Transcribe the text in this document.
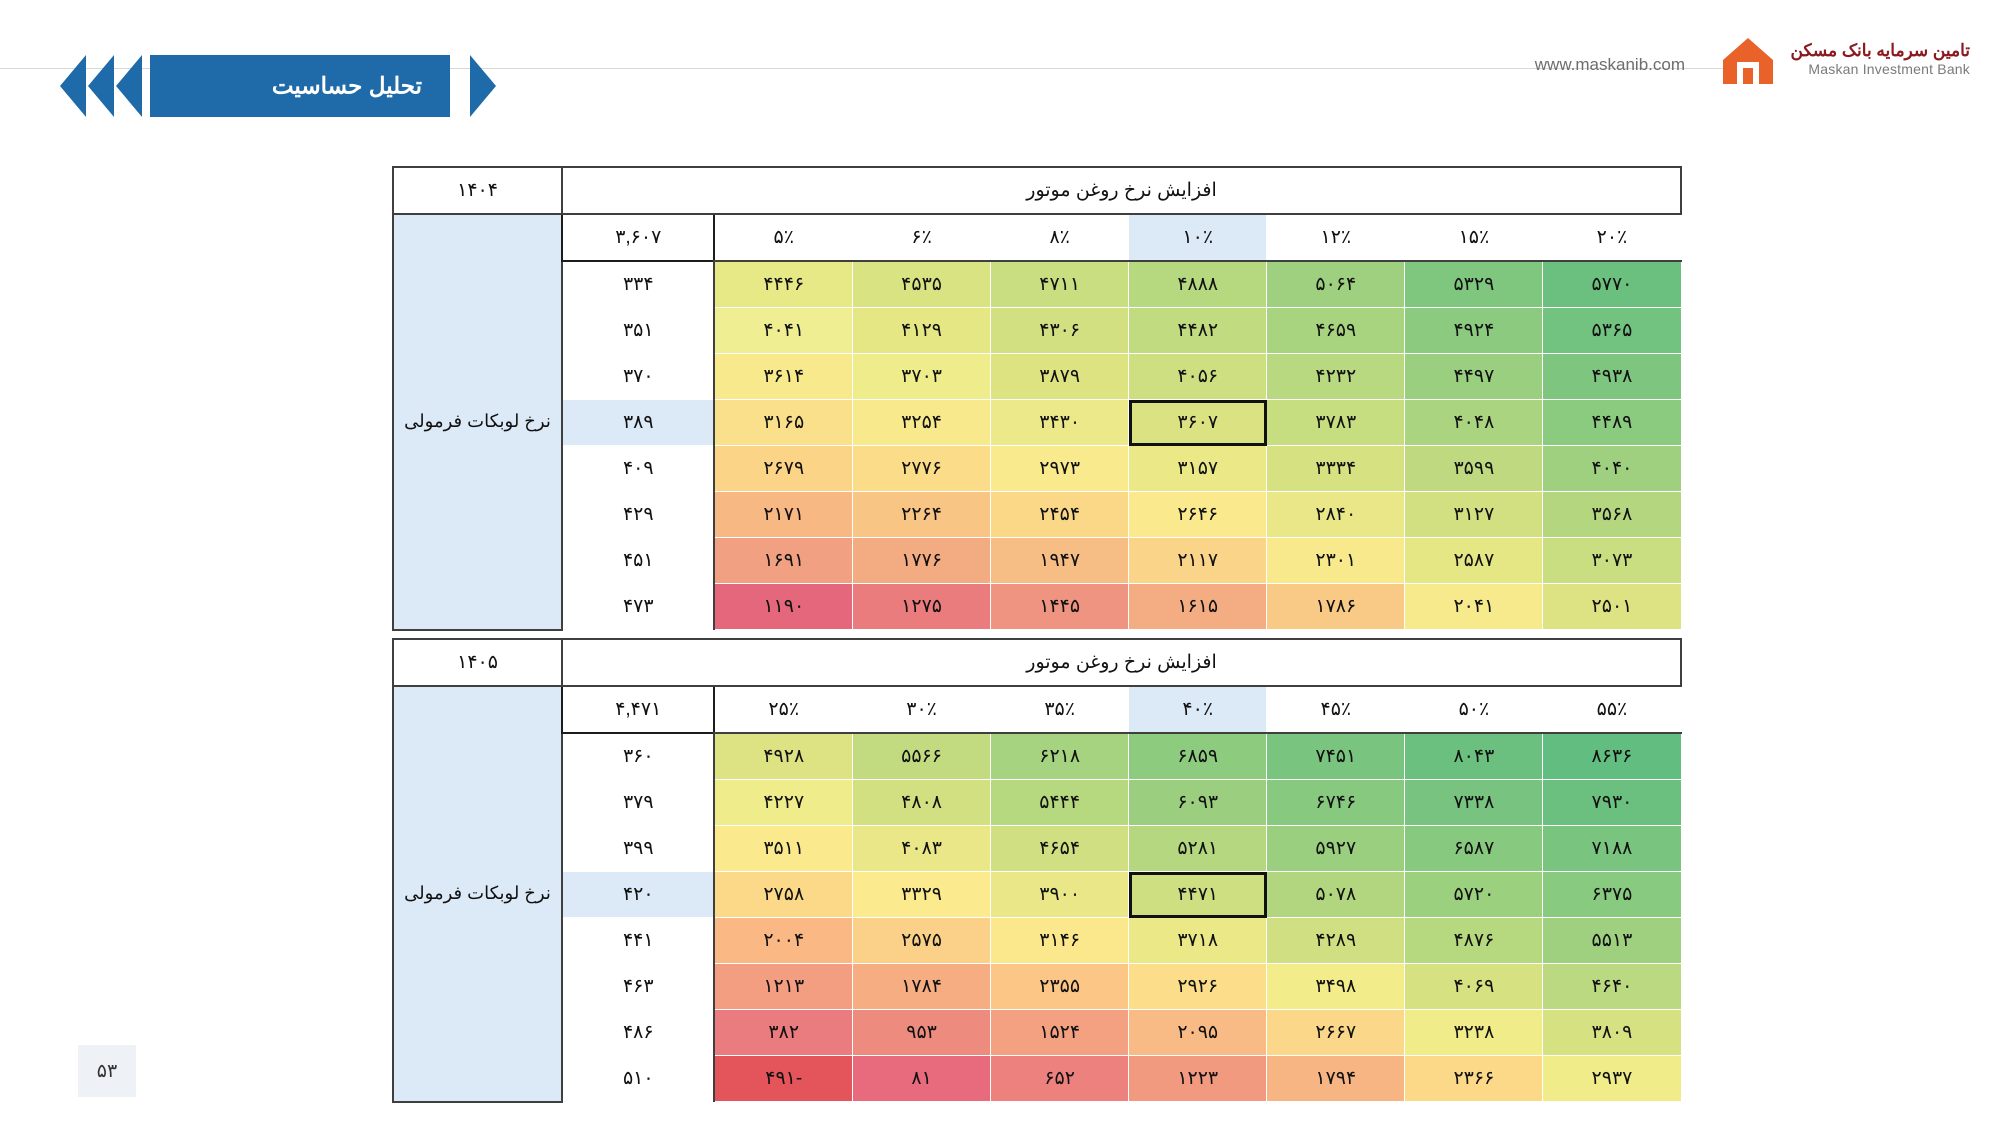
تامین سرمایه بانک مسکن
Maskan Investment Bank
www.maskanib.com
تحلیل حساسیت
افزایش نرخ روغن موتور								۱۴۰۴
۲۰٪	۱۵٪	۱۲٪	۱۰٪	۸٪	۶٪	۵٪	۳,۶۰۷	نرخ لوبکات فرمولی
۵۷۷۰	۵۳۲۹	۵۰۶۴	۴۸۸۸	۴۷۱۱	۴۵۳۵	۴۴۴۶	۳۳۴	
۵۳۶۵	۴۹۲۴	۴۶۵۹	۴۴۸۲	۴۳۰۶	۴۱۲۹	۴۰۴۱	۳۵۱	
۴۹۳۸	۴۴۹۷	۴۲۳۲	۴۰۵۶	۳۸۷۹	۳۷۰۳	۳۶۱۴	۳۷۰	
۴۴۸۹	۴۰۴۸	۳۷۸۳	۳۶۰۷	۳۴۳۰	۳۲۵۴	۳۱۶۵	۳۸۹	
۴۰۴۰	۳۵۹۹	۳۳۳۴	۳۱۵۷	۲۹۷۳	۲۷۷۶	۲۶۷۹	۴۰۹	
۳۵۶۸	۳۱۲۷	۲۸۴۰	۲۶۴۶	۲۴۵۴	۲۲۶۴	۲۱۷۱	۴۲۹	
۳۰۷۳	۲۵۸۷	۲۳۰۱	۲۱۱۷	۱۹۴۷	۱۷۷۶	۱۶۹۱	۴۵۱	
۲۵۰۱	۲۰۴۱	۱۷۸۶	۱۶۱۵	۱۴۴۵	۱۲۷۵	۱۱۹۰	۴۷۳	
افزایش نرخ روغن موتور								۱۴۰۵
۵۵٪	۵۰٪	۴۵٪	۴۰٪	۳۵٪	۳۰٪	۲۵٪	۴,۴۷۱	نرخ لوبکات فرمولی
۸۶۳۶	۸۰۴۳	۷۴۵۱	۶۸۵۹	۶۲۱۸	۵۵۶۶	۴۹۲۸	۳۶۰	
۷۹۳۰	۷۳۳۸	۶۷۴۶	۶۰۹۳	۵۴۴۴	۴۸۰۸	۴۲۲۷	۳۷۹	
۷۱۸۸	۶۵۸۷	۵۹۲۷	۵۲۸۱	۴۶۵۴	۴۰۸۳	۳۵۱۱	۳۹۹	
۶۳۷۵	۵۷۲۰	۵۰۷۸	۴۴۷۱	۳۹۰۰	۳۳۲۹	۲۷۵۸	۴۲۰	
۵۵۱۳	۴۸۷۶	۴۲۸۹	۳۷۱۸	۳۱۴۶	۲۵۷۵	۲۰۰۴	۴۴۱	
۴۶۴۰	۴۰۶۹	۳۴۹۸	۲۹۲۶	۲۳۵۵	۱۷۸۴	۱۲۱۳	۴۶۳	
۳۸۰۹	۳۲۳۸	۲۶۶۷	۲۰۹۵	۱۵۲۴	۹۵۳	۳۸۲	۴۸۶	
۲۹۳۷	۲۳۶۶	۱۷۹۴	۱۲۲۳	۶۵۲	۸۱	-۴۹۱	۵۱۰	
۵۳
